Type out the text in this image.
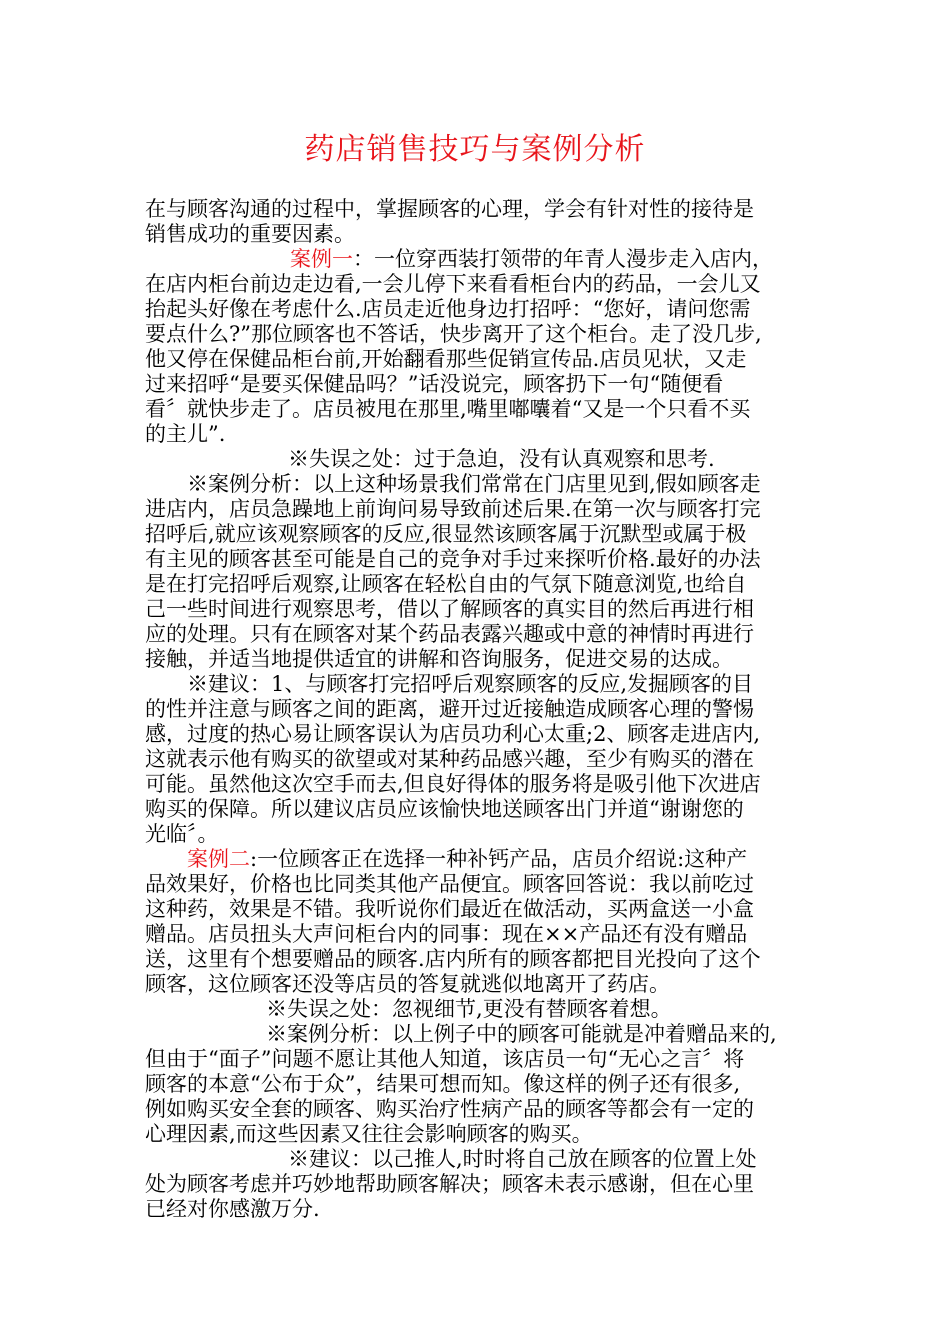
药店销售技巧与案例分析
在与顾客沟通的过程中，掌握顾客的心理，学会有针对性的接待是
销售成功的重要因素。
案例一：一位穿西装打领带的年青人漫步走入店内，
在店内柜台前边走边看,一会儿停下来看看柜台内的药品，一会儿又
抬起头好像在考虑什么.店员走近他身边打招呼：“您好，请问您需
要点什么?”那位顾客也不答话，快步离开了这个柜台。走了没几步,
他又停在保健品柜台前,开始翻看那些促销宣传品.店员见状，又走
过来招呼“是要买保健品吗？”话没说完，顾客扔下一句“随便看
看〞就快步走了。店员被甩在那里,嘴里嘟囔着“又是一个只看不买
的主儿”.
※失误之处：过于急迫，没有认真观察和思考.
※案例分析：以上这种场景我们常常在门店里见到,假如顾客走
进店内，店员急躁地上前询问易导致前述后果.在第一次与顾客打完
招呼后,就应该观察顾客的反应,很显然该顾客属于沉默型或属于极
有主见的顾客甚至可能是自己的竞争对手过来探听价格.最好的办法
是在打完招呼后观察,让顾客在轻松自由的气氛下随意浏览,也给自
己一些时间进行观察思考，借以了解顾客的真实目的然后再进行相
应的处理。只有在顾客对某个药品表露兴趣或中意的神情时再进行
接触，并适当地提供适宜的讲解和咨询服务，促进交易的达成。
※建议：1、与顾客打完招呼后观察顾客的反应,发掘顾客的目
的性并注意与顾客之间的距离，避开过近接触造成顾客心理的警惕
感，过度的热心易让顾客误认为店员功利心太重;2、顾客走进店内,
这就表示他有购买的欲望或对某种药品感兴趣，至少有购买的潜在
可能。虽然他这次空手而去,但良好得体的服务将是吸引他下次进店
购买的保障。所以建议店员应该愉快地送顾客出门并道“谢谢您的
光临〞。
案例二:一位顾客正在选择一种补钙产品，店员介绍说:这种产
品效果好，价格也比同类其他产品便宜。顾客回答说：我以前吃过
这种药，效果是不错。我听说你们最近在做活动，买两盒送一小盒
赠品。店员扭头大声问柜台内的同事：现在××产品还有没有赠品
送，这里有个想要赠品的顾客.店内所有的顾客都把目光投向了这个
顾客，这位顾客还没等店员的答复就逃似地离开了药店。
※失误之处：忽视细节,更没有替顾客着想。
※案例分析：以上例子中的顾客可能就是冲着赠品来的,
但由于“面子”问题不愿让其他人知道，该店员一句“无心之言〞将
顾客的本意“公布于众”，结果可想而知。像这样的例子还有很多,
例如购买安全套的顾客、购买治疗性病产品的顾客等都会有一定的
心理因素,而这些因素又往往会影响顾客的购买。
※建议：以己推人,时时将自己放在顾客的位置上处
处为顾客考虑并巧妙地帮助顾客解决；顾客未表示感谢，但在心里
已经对你感激万分.
